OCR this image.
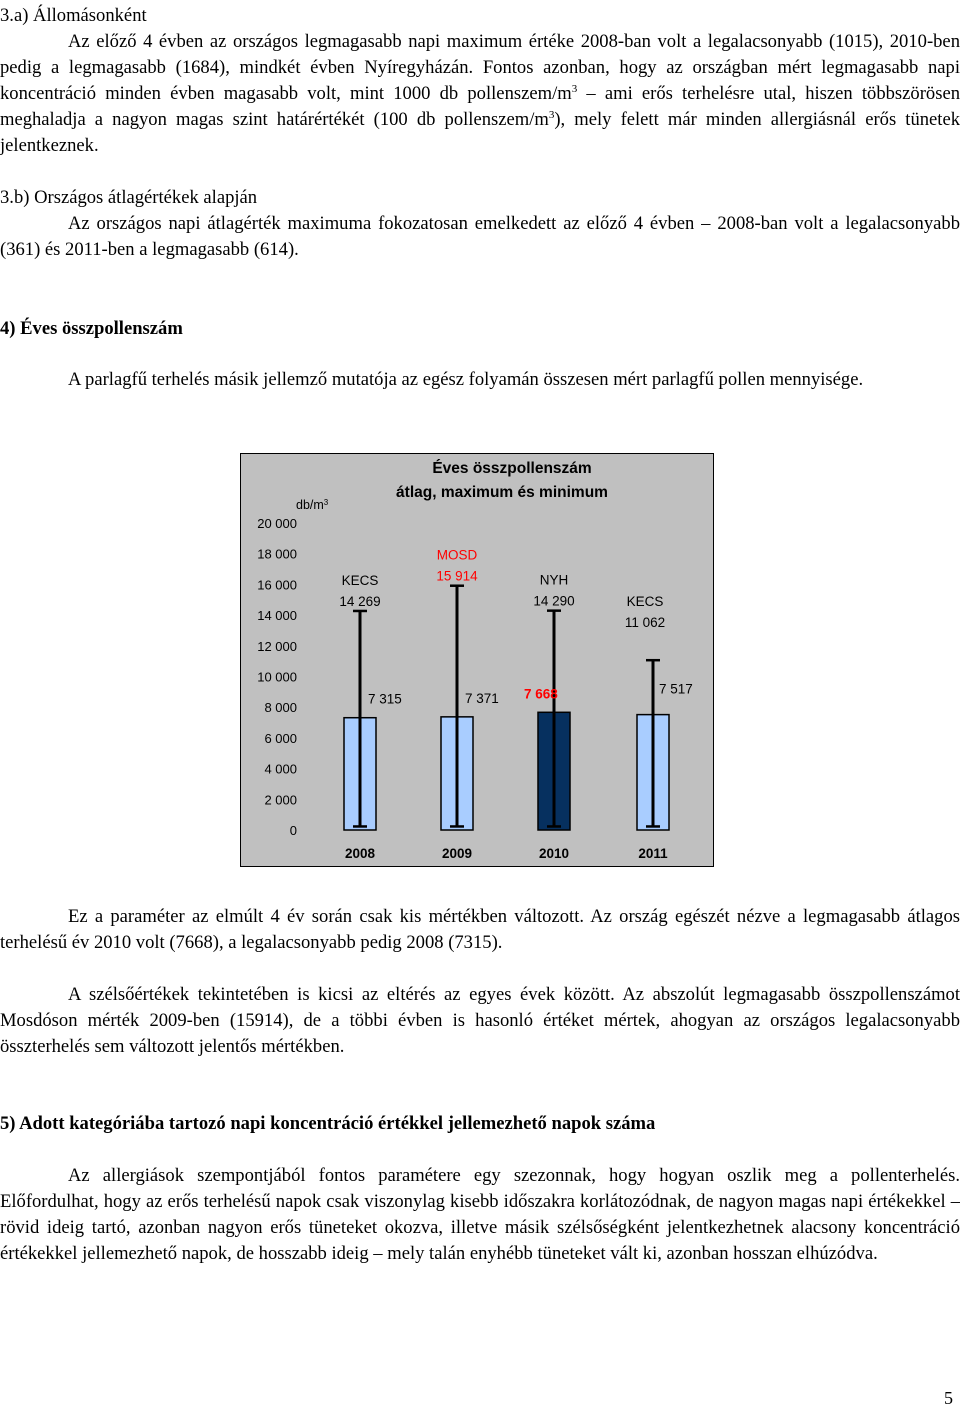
3.a) Állomásonként

Az előző 4 évben az országos legmagasabb napi maximum értéke 2008-ban volt a legalacsonyabb (1015), 2010-ben pedig a legmagasabb (1684), mindkét évben Nyíregyházán. Fontos azonban, hogy az országban mért legmagasabb napi koncentráció minden évben magasabb volt, mint 1000 db pollenszem/$m^3$ – ami erős terhelésre utal, hiszen többszörösen meghaladja a nagyon magas szint határértékét (100 db pollenszem/$m^3$), mely felett már minden allergiásnál erős tünetek jelentkeznek.

3.b) Országos átlagértékek alapján

Az országos napi átlagérték maximuma fokozatosan emelkedett az előző 4 évben – 2008-ban volt a legalacsonyabb (361) és 2011-ben a legmagasabb (614).

4) Éves összpollenszám

A parlagfű terhelés másik jellemző mutatója az egész folyamán összesen mért parlagfű pollen mennyisége.

Éves összpollenszám
átlag, maximum és minimum
$db/m^3$
0
2 000
4 000
6 000
8 000
10 000
12 000
14 000
16 000
18 000
20 000
7 315
KECS
14 269
7 371
MOSD
15 914
7 668
NYH
14 290
7 517
KECS
11 062
2008	2009	2010	2011

Ez a paraméter az elmúlt 4 év során csak kis mértékben változott. Az ország egészét nézve a legmagasabb átlagos terhelésű év 2010 volt (7668), a legalacsonyabb pedig 2008 (7315).

A szélsőértékek tekintetében is kicsi az eltérés az egyes évek között. Az abszolút legmagasabb összpollenszámot Mosdóson mérték 2009-ben (15914), de a többi évben is hasonló értéket mértek, ahogyan az országos legalacsonyabb összterhelés sem változott jelentős mértékben.

5) Adott kategóriába tartozó napi koncentráció értékkel jellemezhető napok száma

Az allergiások szempontjából fontos paramétere egy szezonnak, hogy hogyan oszlik meg a pollenterhelés. Előfordulhat, hogy az erős terhelésű napok csak viszonylag kisebb időszakra korlátozódnak, de nagyon magas napi értékekkel – rövid ideig tartó, azonban nagyon erős tüneteket okozva, illetve másik szélsőségként jelentkezhetnek alacsony koncentráció értékekkel jellemezhető napok, de hosszabb ideig – mely talán enyhébb tüneteket vált ki, azonban hosszan elhúzódva.

5
